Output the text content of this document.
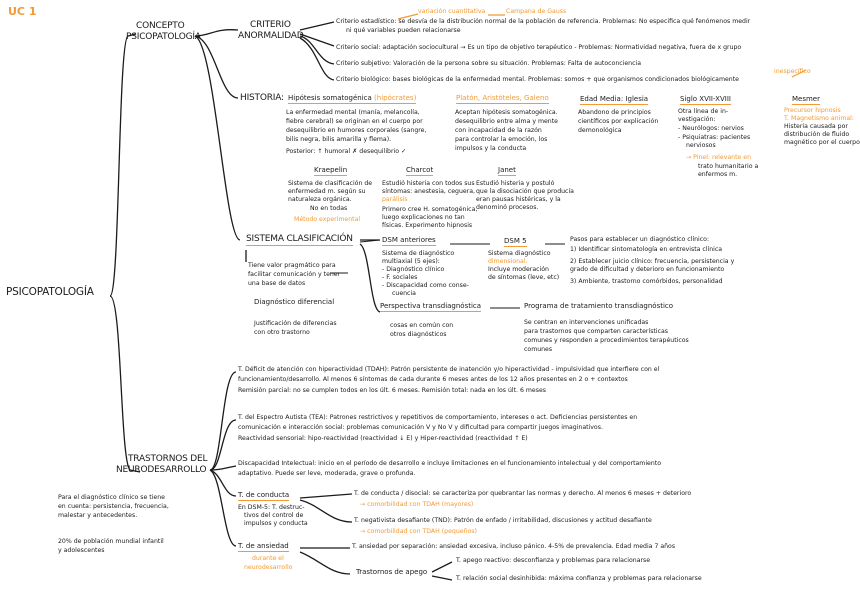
UC 1
PSICOPATOLOGÍA
CONCEPTO
PSICOPATOLOGÍA
CRITERIO
ANORMALIDAD
variación cuantitativa	Campana de Gauss
Criterio estadístico: se desvía de la distribución normal de la población de referencia. Problemas: No especifica qué fenómenos medir
ni qué variables pueden relacionarse
Criterio social: adaptación sociocultural → Es un tipo de objetivo terapéutico - Problemas: Normatividad negativa, fuera de x grupo
Criterio subjetivo: Valoración de la persona sobre su situación. Problemas: Falta de autoconciencia
inespecífico
Criterio biológico: bases biológicas de la enfermedad mental. Problemas: somos + que organismos condicionados biológicamente
HISTORIA: Hipótesis somatogénica (hipócrates)
La enfermedad mental (manía, melancolía,
fiebre cerebral) se originan en el cuerpo por
desequilibrio en humores corporales (sangre,
bilis negra, bilis amarilla y flema).
Posterior: ↑ humoral ✗ desequilibrio ✓
Platón, Aristóteles, Galeno
Aceptan hipótesis somatogénica.
desequilibrio entre alma y mente
con incapacidad de la razón
para controlar la emoción, los
impulsos y la conducta
Edad Media: Iglesia
Abandono de principios
científicos por explicación
demonológica
Siglo XVII-XVIII
Otra línea de in-
vestigación:
- Neurólogos: nervios
- Psiquiatras: pacientes
nerviosos
→ Pinel: relevante en
trato humanitario a
enfermos m.
Mesmer
Precursor hipnosis
T. Magnetismo animal:
Histeria causada por
distribución de fluido
magnético por el cuerpo
Kraepelin
Sistema de clasificación de
enfermedad m. según su
naturaleza orgánica.
No en todas
Método experimental
Charcot
Estudió histeria con todos sus
síntomas: anestesia, ceguera,
parálisis
Primero cree H. somatogénica,
luego explicaciones no tan
físicas. Experimento hipnosis
Janet
Estudió histeria y postuló
que la disociación que producía
eran pausas histéricas, y la
denominó procesos.
SISTEMA CLASIFICACIÓN
Tiene valor pragmático para
facilitar comunicación y tener
una base de datos
DSM anteriores
Sistema de diagnóstico
multiaxial (5 ejes):
- Diagnóstico clínico
- F. sociales
- Discapacidad como conse-
cuencia
DSM 5
Sistema diagnóstico
dimensional.
Incluye moderación
de síntomas (leve, etc)
Pasos para establecer un diagnóstico clínico:
1) Identificar sintomatología en entrevista clínica
2) Establecer juicio clínico: frecuencia, persistencia y
grado de dificultad y deterioro en funcionamiento
3) Ambiente, trastorno comórbidos, personalidad
Diagnóstico diferencial
Justificación de diferencias
con otro trastorno
Perspectiva transdiagnóstica
cosas en común con
otros diagnósticos
Programa de tratamiento transdiagnóstico
Se centran en intervenciones unificadas
para trastornos que comparten características
comunes y responden a procedimientos terapéuticos
comunes
TRASTORNOS DEL
NEURODESARROLLO
Para el diagnóstico clínico se tiene
en cuenta: persistencia, frecuencia,
malestar y antecedentes.
20% de población mundial infantil
y adolescentes
T. Déficit de atención con hiperactividad (TDAH): Patrón persistente de inatención y/o hiperactividad - impulsividad que interfiere con el
funcionamiento/desarrollo. Al menos 6 síntomas de cada durante 6 meses antes de los 12 años presentes en 2 o + contextos
Remisión parcial: no se cumplen todos en los últ. 6 meses. Remisión total: nada en los últ. 6 meses
T. del Espectro Autista (TEA): Patrones restrictivos y repetitivos de comportamiento, intereses o act. Deficiencias persistentes en
comunicación e interacción social: problemas comunicación V y No V y dificultad para compartir juegos imaginativos.
Reactividad sensorial: hipo-reactividad (reactividad ↓ E) y Hiper-reactividad (reactividad ↑ E)
Discapacidad Intelectual: inicio en el período de desarrollo e incluye limitaciones en el funcionamiento intelectual y del comportamiento
adaptativo. Puede ser leve, moderada, grave o profunda.
T. de conducta
En DSM-5: T. destruc-
tivos del control de
impulsos y conducta
T. de conducta / disocial: se caracteriza por quebrantar las normas y derecho. Al menos 6 meses + deterioro
→ comorbilidad con TDAH (mayores)
T. negativista desafiante (TND): Patrón de enfado / irritabilidad, discusiones y actitud desafiante
→ comorbilidad con TDAH (pequeños)
T. de ansiedad
durante el
neurodesarrollo
T. ansiedad por separación: ansiedad excesiva, incluso pánico. 4-5% de prevalencia. Edad media 7 años
Trastornos de apego
T. apego reactivo: desconfianza y problemas para relacionarse
T. relación social desinhibida: máxima confianza y problemas para relacionarse
